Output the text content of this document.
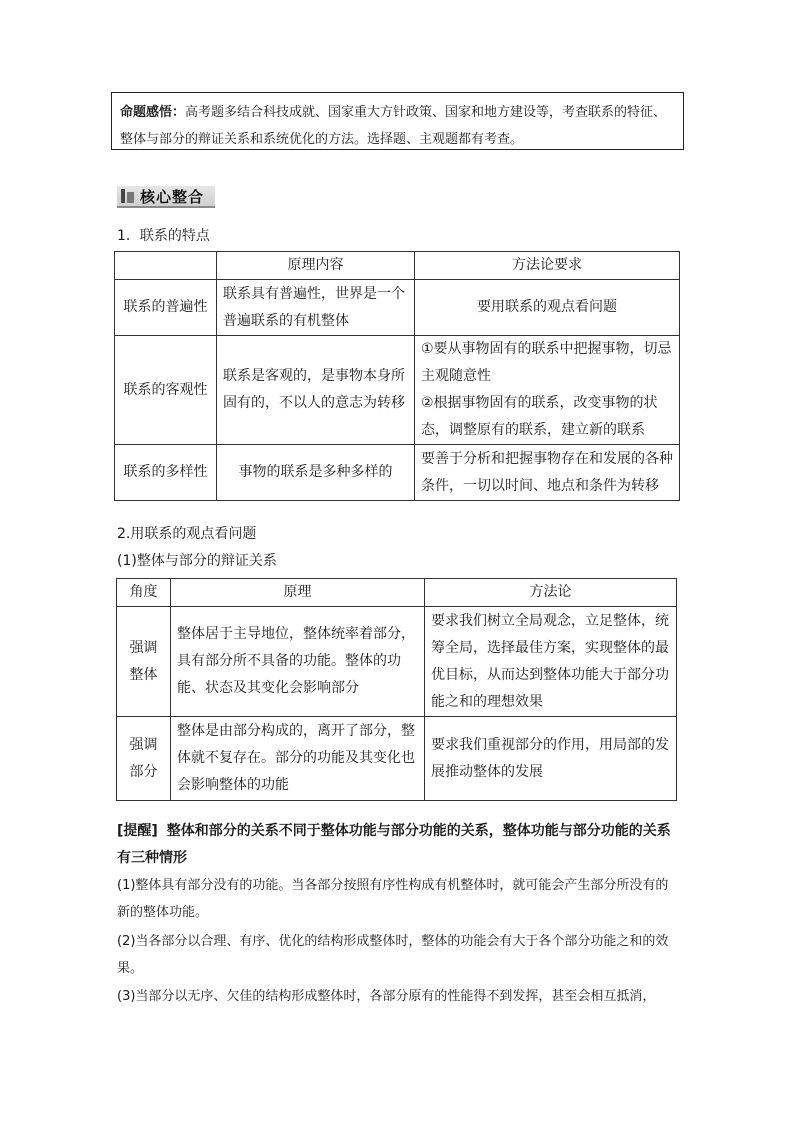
命题感悟：高考题多结合科技成就、国家重大方针政策、国家和地方建设等，考查联系的特征、整体与部分的辩证关系和系统优化的方法。选择题、主观题都有考查。
核心整合
1．联系的特点
	原理内容	方法论要求
联系的普遍性	联系具有普遍性，世界是一个普遍联系的有机整体	要用联系的观点看问题
联系的客观性	联系是客观的，是事物本身所固有的，不以人的意志为转移	①要从事物固有的联系中把握事物，切忌主观随意性
②根据事物固有的联系，改变事物的状态，调整原有的联系，建立新的联系
联系的多样性	事物的联系是多种多样的	要善于分析和把握事物存在和发展的各种条件，一切以时间、地点和条件为转移
2.用联系的观点看问题
(1)整体与部分的辩证关系
角度	原理	方法论
强调整体	整体居于主导地位，整体统率着部分，具有部分所不具备的功能。整体的功能、状态及其变化会影响部分	要求我们树立全局观念，立足整体，统筹全局，选择最佳方案，实现整体的最优目标，从而达到整体功能大于部分功能之和的理想效果
强调部分	整体是由部分构成的，离开了部分，整体就不复存在。部分的功能及其变化也会影响整体的功能	要求我们重视部分的作用，用局部的发展推动整体的发展
[提醒] 整体和部分的关系不同于整体功能与部分功能的关系，整体功能与部分功能的关系有三种情形
(1)整体具有部分没有的功能。当各部分按照有序性构成有机整体时，就可能会产生部分所没有的新的整体功能。
(2)当各部分以合理、有序、优化的结构形成整体时，整体的功能会有大于各个部分功能之和的效果。
(3)当部分以无序、欠佳的结构形成整体时，各部分原有的性能得不到发挥，甚至会相互抵消，
